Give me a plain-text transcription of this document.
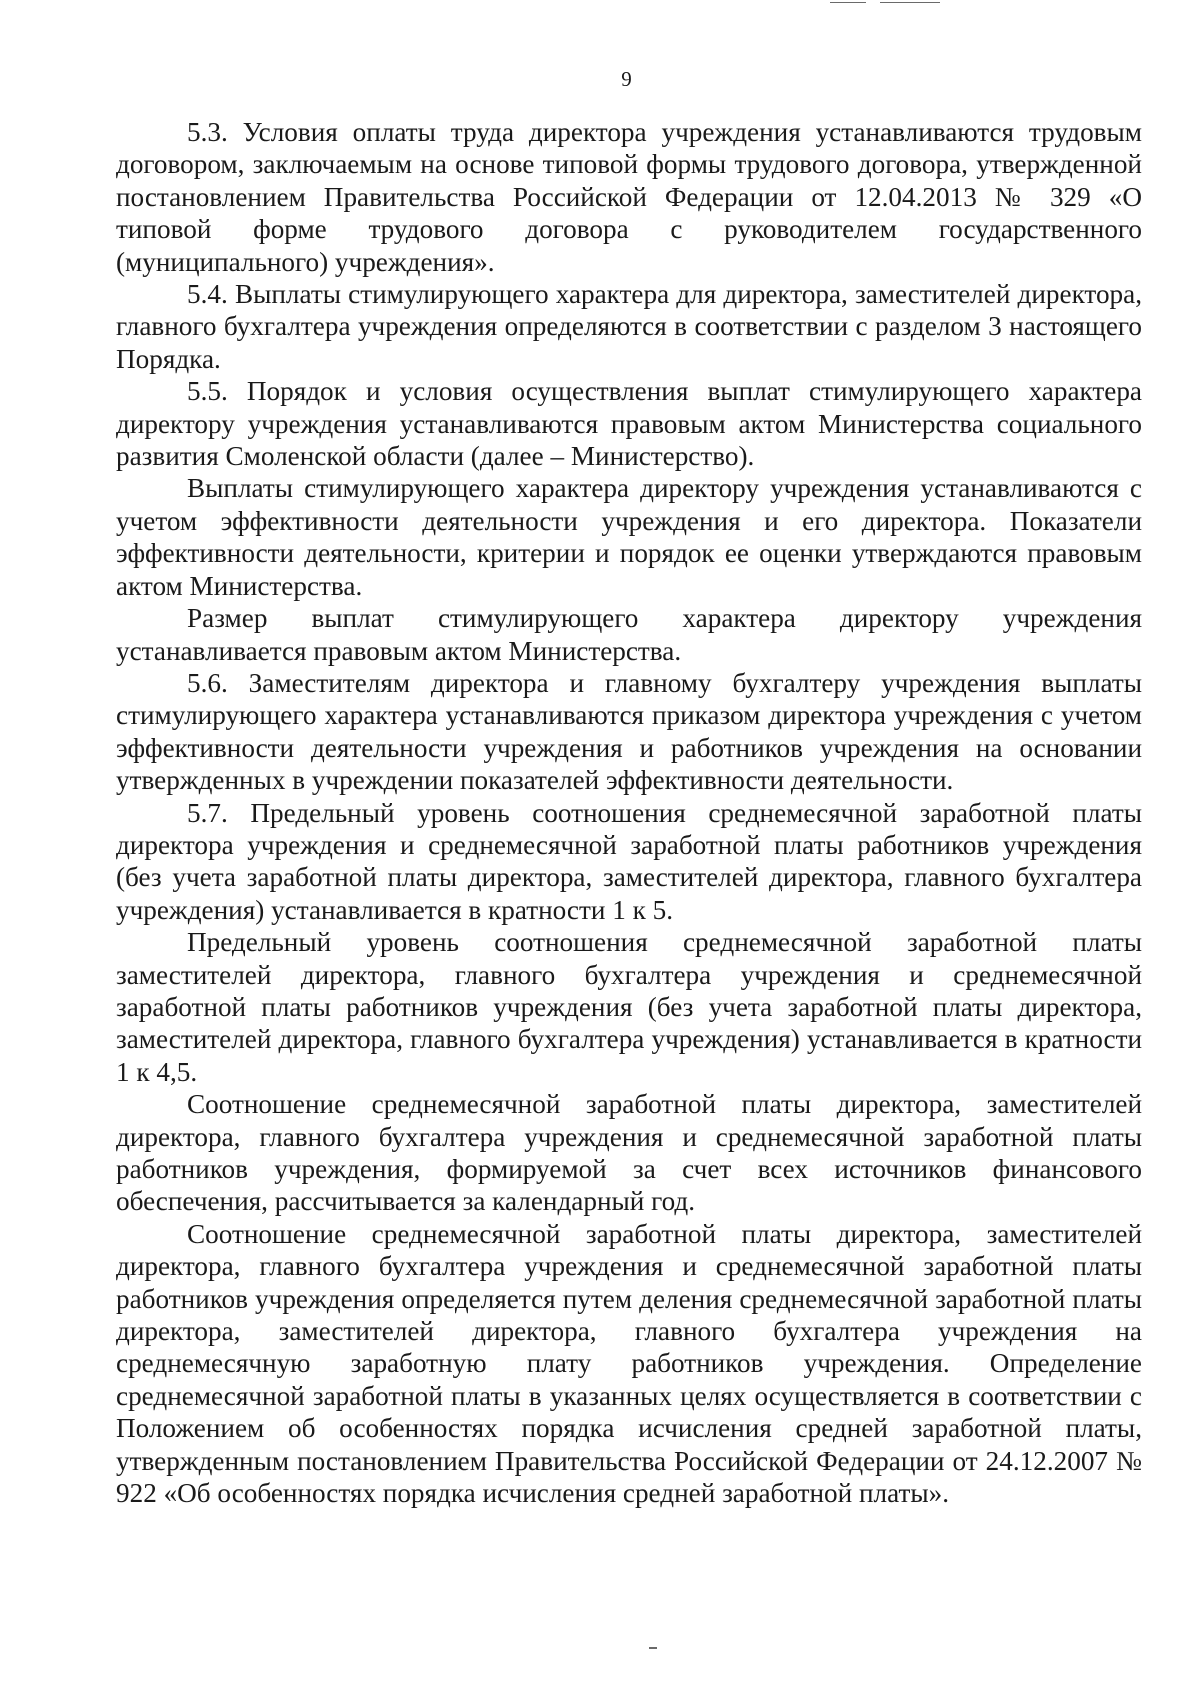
9

5.3. Условия оплаты труда директора учреждения устанавливаются трудовым договором, заключаемым на основе типовой формы трудового договора, утвержденной постановлением Правительства Российской Федерации от 12.04.2013 № 329 «О типовой форме трудового договора с руководителем государственного (муниципального) учреждения».

5.4. Выплаты стимулирующего характера для директора, заместителей директора, главного бухгалтера учреждения определяются в соответствии с разделом 3 настоящего Порядка.

5.5. Порядок и условия осуществления выплат стимулирующего характера директору учреждения устанавливаются правовым актом Министерства социального развития Смоленской области (далее – Министерство).

Выплаты стимулирующего характера директору учреждения устанавливаются с учетом эффективности деятельности учреждения и его директора. Показатели эффективности деятельности, критерии и порядок ее оценки утверждаются правовым актом Министерства.

Размер выплат стимулирующего характера директору учреждения устанавливается правовым актом Министерства.

5.6. Заместителям директора и главному бухгалтеру учреждения выплаты стимулирующего характера устанавливаются приказом директора учреждения с учетом эффективности деятельности учреждения и работников учреждения на основании утвержденных в учреждении показателей эффективности деятельности.

5.7. Предельный уровень соотношения среднемесячной заработной платы директора учреждения и среднемесячной заработной платы работников учреждения (без учета заработной платы директора, заместителей директора, главного бухгалтера учреждения) устанавливается в кратности 1 к 5.

Предельный уровень соотношения среднемесячной заработной платы заместителей директора, главного бухгалтера учреждения и среднемесячной заработной платы работников учреждения (без учета заработной платы директора, заместителей директора, главного бухгалтера учреждения) устанавливается в кратности 1 к 4,5.

Соотношение среднемесячной заработной платы директора, заместителей директора, главного бухгалтера учреждения и среднемесячной заработной платы работников учреждения, формируемой за счет всех источников финансового обеспечения, рассчитывается за календарный год.

Соотношение среднемесячной заработной платы директора, заместителей директора, главного бухгалтера учреждения и среднемесячной заработной платы работников учреждения определяется путем деления среднемесячной заработной платы директора, заместителей директора, главного бухгалтера учреждения на среднемесячную заработную плату работников учреждения. Определение среднемесячной заработной платы в указанных целях осуществляется в соответствии с Положением об особенностях порядка исчисления средней заработной платы, утвержденным постановлением Правительства Российской Федерации от 24.12.2007 № 922 «Об особенностях порядка исчисления средней заработной платы».
